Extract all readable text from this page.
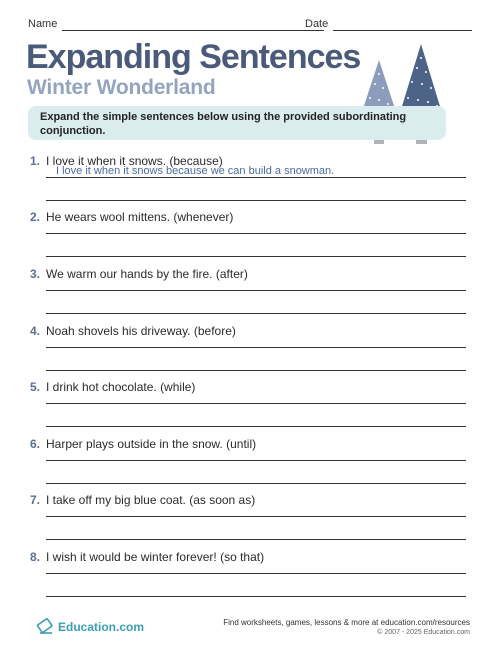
Name	Date
Expanding Sentences
Winter Wonderland
Expand the simple sentences below using the provided subordinating conjunction.
1. I love it when it snows. (because)
I love it when it snows because we can build a snowman.
2. He wears wool mittens. (whenever)
3. We warm our hands by the fire. (after)
4. Noah shovels his driveway. (before)
5. I drink hot chocolate. (while)
6. Harper plays outside in the snow. (until)
7. I take off my big blue coat. (as soon as)
8. I wish it would be winter forever! (so that)
Education.com	Find worksheets, games, lessons & more at education.com/resources
© 2007 - 2025 Education.com
